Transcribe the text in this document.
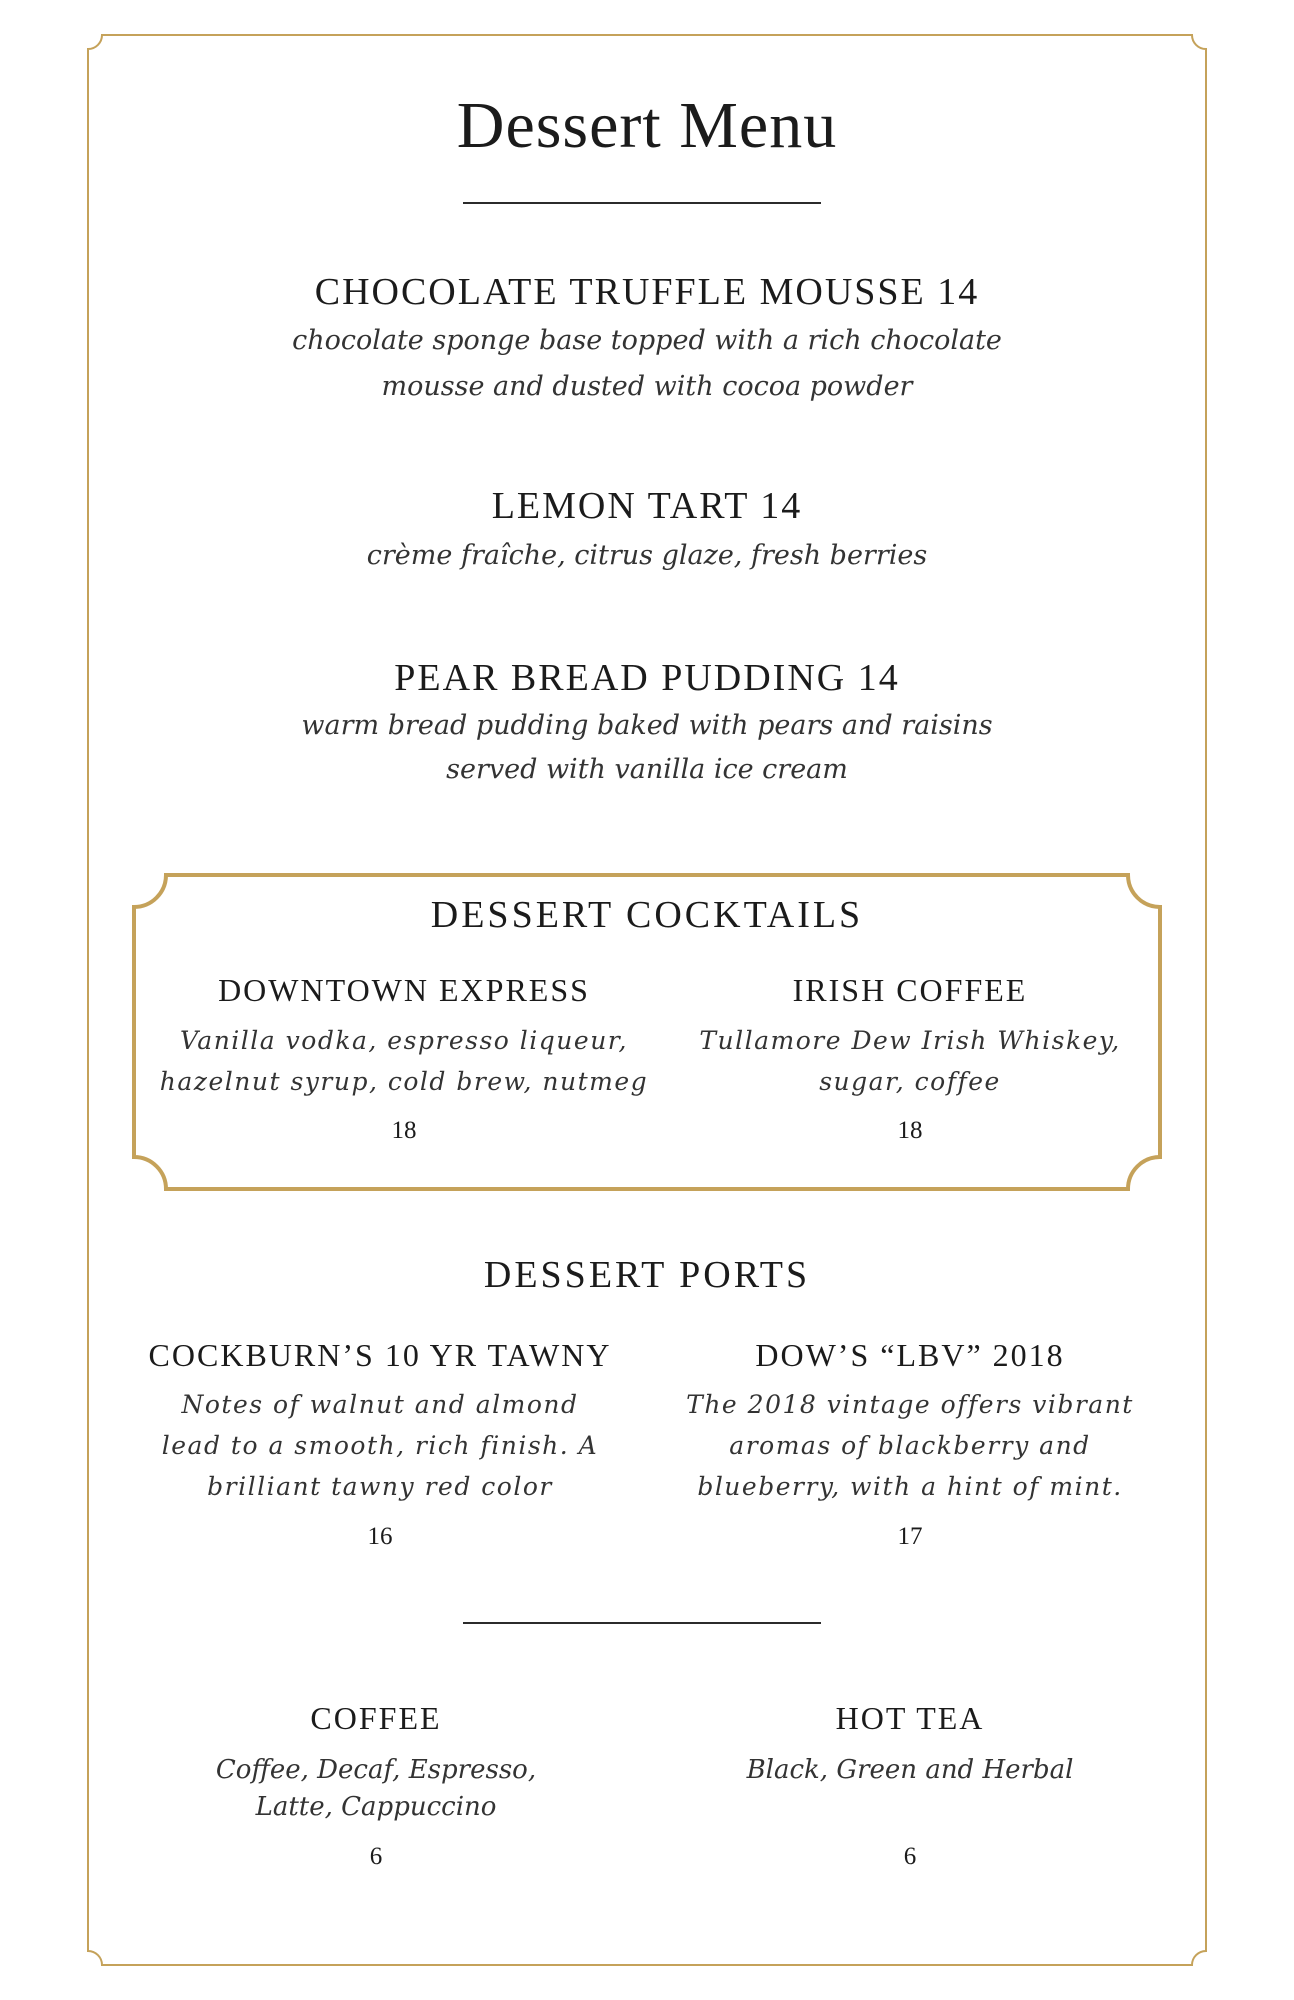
Dessert Menu
CHOCOLATE TRUFFLE MOUSSE 14
chocolate sponge base topped with a rich chocolate
mousse and dusted with cocoa powder
LEMON TART 14
crème fraîche, citrus glaze, fresh berries
PEAR BREAD PUDDING 14
warm bread pudding baked with pears and raisins
served with vanilla ice cream
DESSERT COCKTAILS
DOWNTOWN EXPRESS
Vanilla vodka, espresso liqueur,
hazelnut syrup, cold brew, nutmeg
18
IRISH COFFEE
Tullamore Dew Irish Whiskey,
sugar, coffee
18
DESSERT PORTS
COCKBURN’S 10 YR TAWNY
Notes of walnut and almond
lead to a smooth, rich finish. A
brilliant tawny red color
16
DOW’S “LBV” 2018
The 2018 vintage offers vibrant
aromas of blackberry and
blueberry, with a hint of mint.
17
COFFEE
Coffee, Decaf, Espresso,
Latte, Cappuccino
6
HOT TEA
Black, Green and Herbal
6
